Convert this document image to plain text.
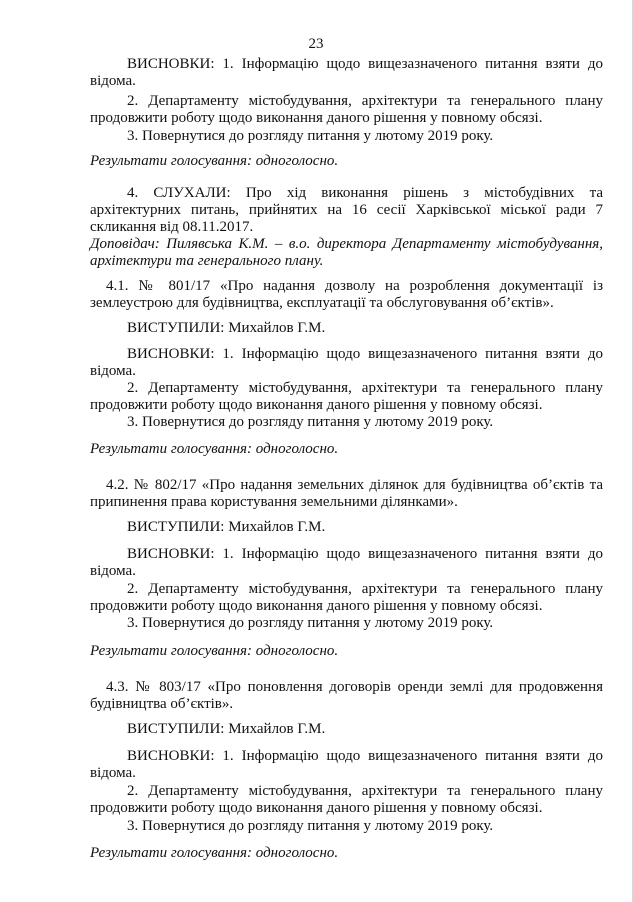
23

ВИСНОВКИ: 1. Інформацію щодо вищезазначеного питання взяти до відома.

2. Департаменту містобудування, архітектури та генерального плану продовжити роботу щодо виконання даного рішення у повному обсязі.

3. Повернутися до розгляду питання у лютому 2019 року.

Результати голосування: одноголосно.

4. СЛУХАЛИ: Про хід виконання рішень з містобудівних та архітектурних питань, прийнятих на 16 сесії Харківської міської ради 7 скликання від 08.11.2017.

Доповідач: Пилявська К.М. – в.о. директора Департаменту містобудування, архітектури та генерального плану.

4.1. № 801/17 «Про надання дозволу на розроблення документації із землеустрою для будівництва, експлуатації та обслуговування об’єктів».

ВИСТУПИЛИ: Михайлов Г.М.

ВИСНОВКИ: 1. Інформацію щодо вищезазначеного питання взяти до відома.

2. Департаменту містобудування, архітектури та генерального плану продовжити роботу щодо виконання даного рішення у повному обсязі.

3. Повернутися до розгляду питання у лютому 2019 року.

Результати голосування: одноголосно.

4.2. № 802/17 «Про надання земельних ділянок для будівництва об’єктів та припинення права користування земельними ділянками».

ВИСТУПИЛИ: Михайлов Г.М.

ВИСНОВКИ: 1. Інформацію щодо вищезазначеного питання взяти до відома.

2. Департаменту містобудування, архітектури та генерального плану продовжити роботу щодо виконання даного рішення у повному обсязі.

3. Повернутися до розгляду питання у лютому 2019 року.

Результати голосування: одноголосно.

4.3. № 803/17 «Про поновлення договорів оренди землі для продовження будівництва об’єктів».

ВИСТУПИЛИ: Михайлов Г.М.

ВИСНОВКИ: 1. Інформацію щодо вищезазначеного питання взяти до відома.

2. Департаменту містобудування, архітектури та генерального плану продовжити роботу щодо виконання даного рішення у повному обсязі.

3. Повернутися до розгляду питання у лютому 2019 року.

Результати голосування: одноголосно.
